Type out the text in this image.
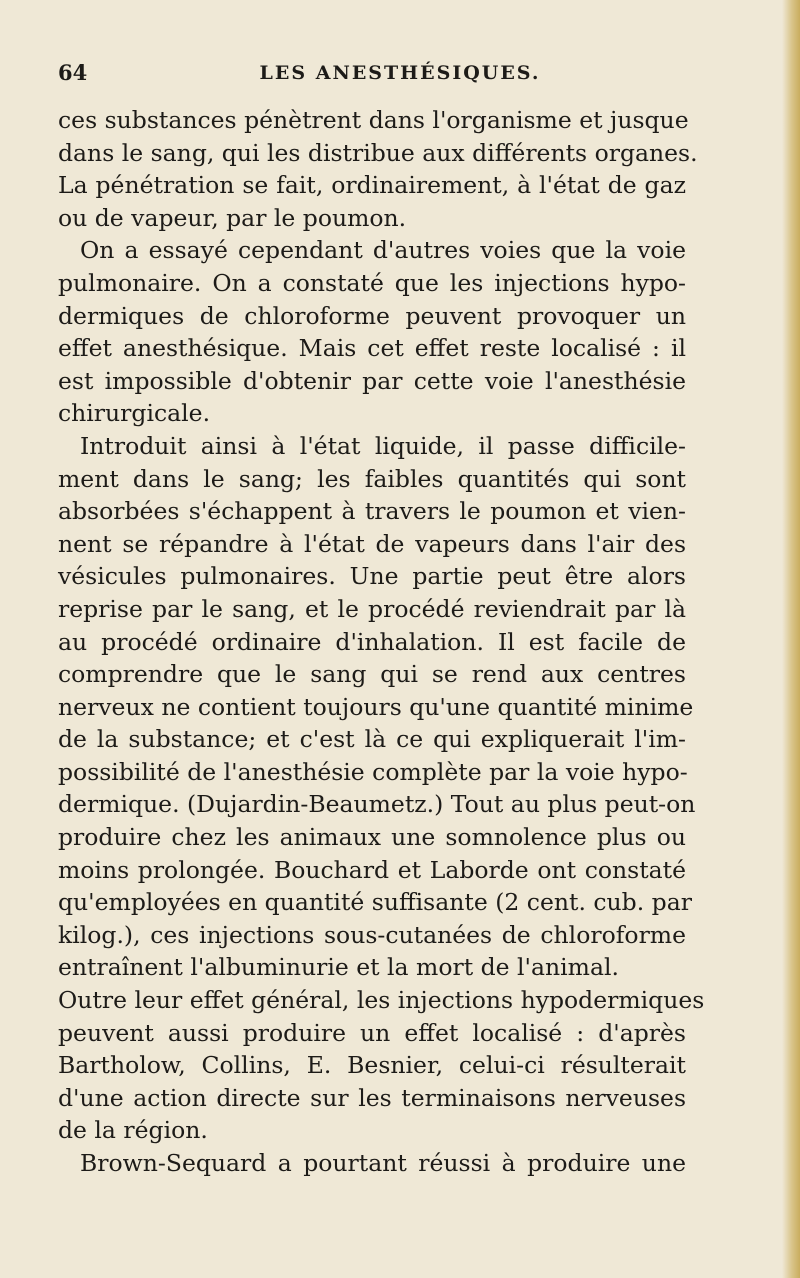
64	LES ANESTHÉSIQUES.
ces substances pénètrent dans l'organisme et jusque
dans le sang, qui les distribue aux différents organes.
La pénétration se fait, ordinairement, à l'état de gaz
ou de vapeur, par le poumon.
On a essayé cependant d'autres voies que la voie
pulmonaire. On a constaté que les injections hypo-
dermiques de chloroforme peuvent provoquer un
effet anesthésique. Mais cet effet reste localisé : il
est impossible d'obtenir par cette voie l'anesthésie
chirurgicale.
Introduit ainsi à l'état liquide, il passe difficile-
ment dans le sang; les faibles quantités qui sont
absorbées s'échappent à travers le poumon et vien-
nent se répandre à l'état de vapeurs dans l'air des
vésicules pulmonaires. Une partie peut être alors
reprise par le sang, et le procédé reviendrait par là
au procédé ordinaire d'inhalation. Il est facile de
comprendre que le sang qui se rend aux centres
nerveux ne contient toujours qu'une quantité minime
de la substance; et c'est là ce qui expliquerait l'im-
possibilité de l'anesthésie complète par la voie hypo-
dermique. (Dujardin-Beaumetz.) Tout au plus peut-on
produire chez les animaux une somnolence plus ou
moins prolongée. Bouchard et Laborde ont constaté
qu'employées en quantité suffisante (2 cent. cub. par
kilog.), ces injections sous-cutanées de chloroforme
entraînent l'albuminurie et la mort de l'animal.
Outre leur effet général, les injections hypodermiques
peuvent aussi produire un effet localisé : d'après
Bartholow, Collins, E. Besnier, celui-ci résulterait
d'une action directe sur les terminaisons nerveuses
de la région.
Brown-Sequard a pourtant réussi à produire une
